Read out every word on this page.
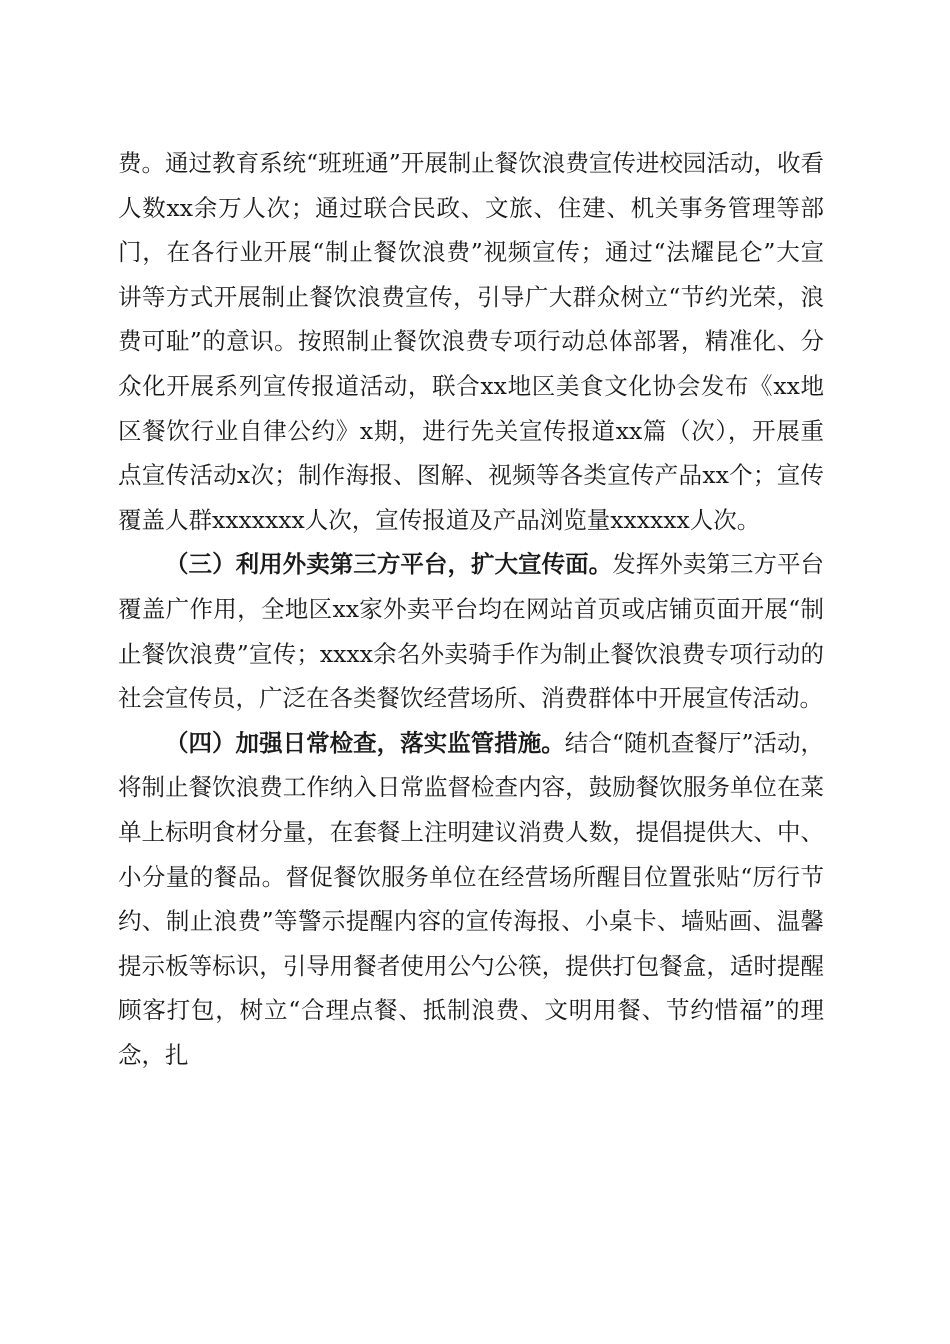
费。通过教育系统“班班通”开展制止餐饮浪费宣传进校园活动，收看人数xx余万人次；通过联合民政、文旅、住建、机关事务管理等部门，在各行业开展“制止餐饮浪费”视频宣传；通过“法耀昆仑”大宣讲等方式开展制止餐饮浪费宣传，引导广大群众树立“节约光荣，浪费可耻”的意识。按照制止餐饮浪费专项行动总体部署，精准化、分众化开展系列宣传报道活动，联合xx地区美食文化协会发布《xx地区餐饮行业自律公约》x期，进行先关宣传报道xx篇（次），开展重点宣传活动x次；制作海报、图解、视频等各类宣传产品xx个；宣传覆盖人群xxxxxxx人次，宣传报道及产品浏览量xxxxxx人次。

（三）利用外卖第三方平台，扩大宣传面。发挥外卖第三方平台覆盖广作用，全地区xx家外卖平台均在网站首页或店铺页面开展“制止餐饮浪费”宣传；xxxx余名外卖骑手作为制止餐饮浪费专项行动的社会宣传员，广泛在各类餐饮经营场所、消费群体中开展宣传活动。

（四）加强日常检查，落实监管措施。结合“随机查餐厅”活动，将制止餐饮浪费工作纳入日常监督检查内容，鼓励餐饮服务单位在菜单上标明食材分量，在套餐上注明建议消费人数，提倡提供大、中、小分量的餐品。督促餐饮服务单位在经营场所醒目位置张贴“厉行节约、制止浪费”等警示提醒内容的宣传海报、小桌卡、墙贴画、温馨提示板等标识，引导用餐者使用公勺公筷，提供打包餐盒，适时提醒顾客打包，树立“合理点餐、抵制浪费、文明用餐、节约惜福”的理念，扎
